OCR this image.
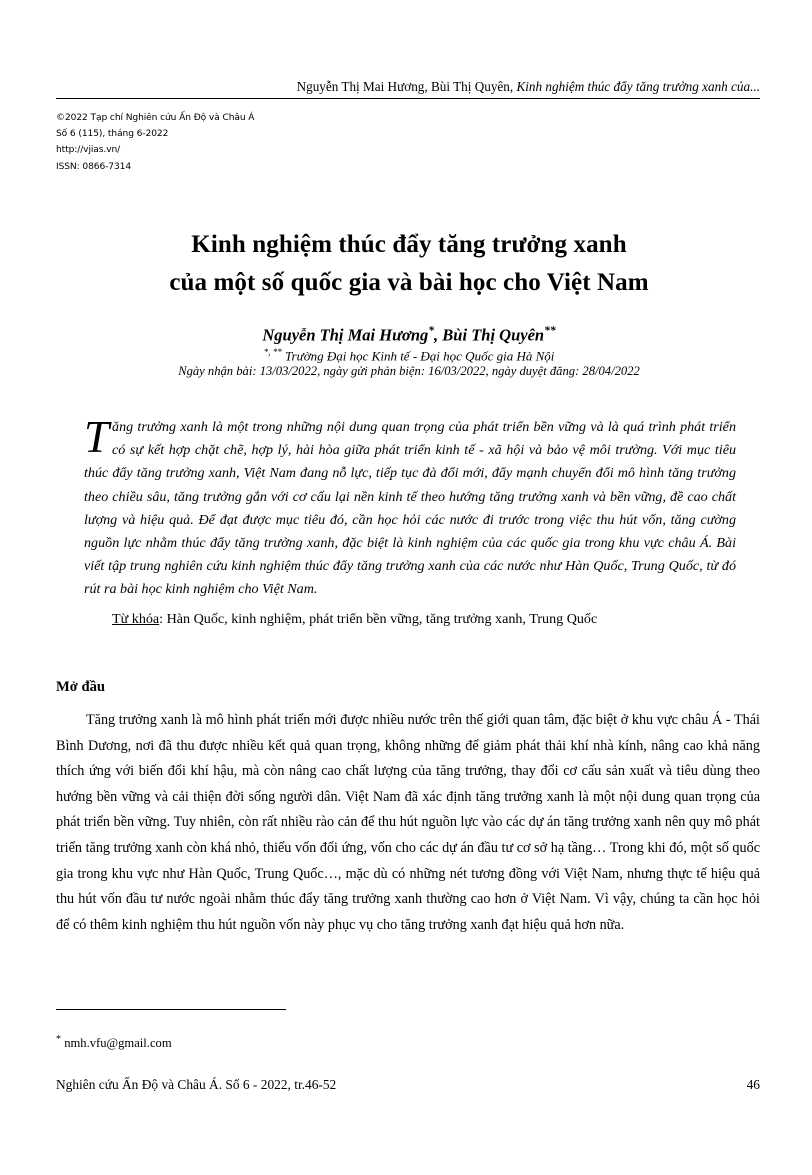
Nguyễn Thị Mai Hương, Bùi Thị Quyên, Kinh nghiệm thúc đẩy tăng trưởng xanh của...
©2022 Tạp chí Nghiên cứu Ấn Độ và Châu Á
Số 6 (115), tháng 6-2022
http://vjias.vn/
ISSN: 0866-7314
Kinh nghiệm thúc đẩy tăng trưởng xanh
của một số quốc gia và bài học cho Việt Nam
Nguyễn Thị Mai Hương*, Bùi Thị Quyên**
*, ** Trường Đại học Kinh tế - Đại học Quốc gia Hà Nội
Ngày nhận bài: 13/03/2022, ngày gửi phản biện: 16/03/2022, ngày duyệt đăng: 28/04/2022
Tăng trưởng xanh là một trong những nội dung quan trọng của phát triển bền vững và là quá trình phát triển có sự kết hợp chặt chẽ, hợp lý, hài hòa giữa phát triển kinh tế - xã hội và bảo vệ môi trường. Với mục tiêu thúc đẩy tăng trưởng xanh, Việt Nam đang nỗ lực, tiếp tục đà đổi mới, đẩy mạnh chuyển đổi mô hình tăng trưởng theo chiều sâu, tăng trưởng gắn với cơ cấu lại nền kinh tế theo hướng tăng trưởng xanh và bền vững, đề cao chất lượng và hiệu quả. Để đạt được mục tiêu đó, cần học hỏi các nước đi trước trong việc thu hút vốn, tăng cường nguồn lực nhằm thúc đẩy tăng trưởng xanh, đặc biệt là kinh nghiệm của các quốc gia trong khu vực châu Á. Bài viết tập trung nghiên cứu kinh nghiệm thúc đẩy tăng trưởng xanh của các nước như Hàn Quốc, Trung Quốc, từ đó rút ra bài học kinh nghiệm cho Việt Nam.
Từ khóa: Hàn Quốc, kinh nghiệm, phát triển bền vững, tăng trưởng xanh, Trung Quốc
Mở đầu
Tăng trưởng xanh là mô hình phát triển mới được nhiều nước trên thế giới quan tâm, đặc biệt ở khu vực châu Á - Thái Bình Dương, nơi đã thu được nhiều kết quả quan trọng, không những để giảm phát thải khí nhà kính, nâng cao khả năng thích ứng với biến đổi khí hậu, mà còn nâng cao chất lượng của tăng trưởng, thay đổi cơ cấu sản xuất và tiêu dùng theo hướng bền vững và cải thiện đời sống người dân. Việt Nam đã xác định tăng trưởng xanh là một nội dung quan trọng của phát triển bền vững. Tuy nhiên, còn rất nhiều rào cản để thu hút nguồn lực vào các dự án tăng trưởng xanh nên quy mô phát triển tăng trưởng xanh còn khá nhỏ, thiếu vốn đối ứng, vốn cho các dự án đầu tư cơ sở hạ tầng… Trong khi đó, một số quốc gia trong khu vực như Hàn Quốc, Trung Quốc…, mặc dù có những nét tương đồng với Việt Nam, nhưng thực tế hiệu quả thu hút vốn đầu tư nước ngoài nhằm thúc đẩy tăng trưởng xanh thường cao hơn ở Việt Nam. Vì vậy, chúng ta cần học hỏi để có thêm kinh nghiệm thu hút nguồn vốn này phục vụ cho tăng trưởng xanh đạt hiệu quả hơn nữa.
* nmh.vfu@gmail.com
Nghiên cứu Ấn Độ và Châu Á. Số 6 - 2022, tr.46-52	46
